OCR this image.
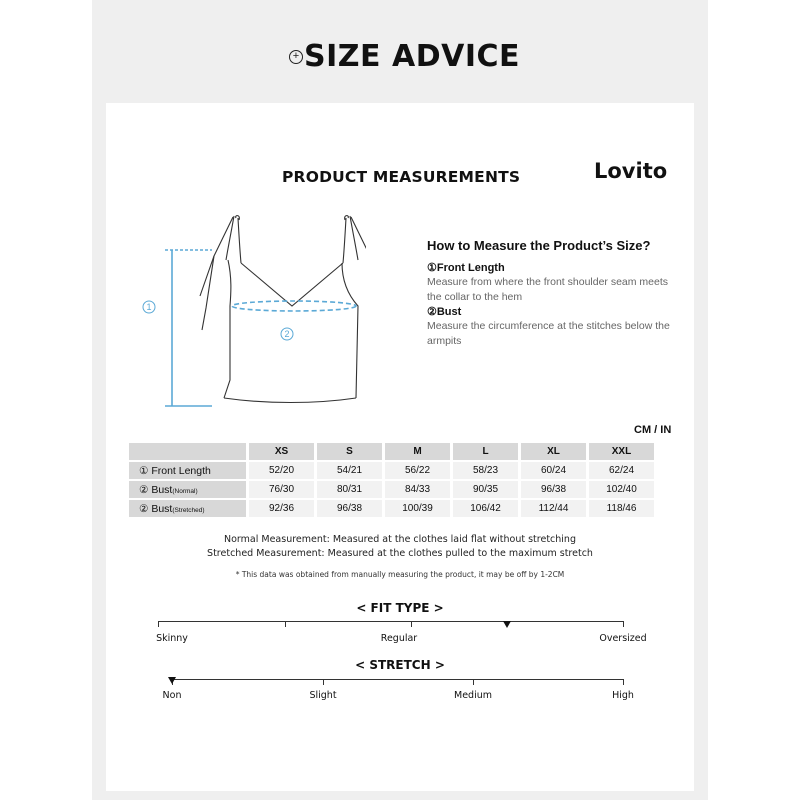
+ SIZE ADVICE
PRODUCT MEASUREMENTS	Lovito
1
2
How to Measure the Product’s Size?
①Front Length
Measure from where the front shoulder seam meets the collar to the hem
②Bust
Measure the circumference at the stitches below the armpits
CM / IN
	XS	S	M	L	XL	XXL
① Front Length	52/20	54/21	56/22	58/23	60/24	62/24
② Bust(Normal)	76/30	80/31	84/33	90/35	96/38	102/40
② Bust(Stretched)	92/36	96/38	100/39	106/42	112/44	118/46
Normal Measurement: Measured at the clothes laid flat without stretching
Stretched Measurement: Measured at the clothes pulled to the maximum stretch
* This data was obtained from manually measuring the product, it may be off by 1-2CM
< FIT TYPE >
Skinny	Regular	Oversized
< STRETCH >
Non	Slight	Medium	High
